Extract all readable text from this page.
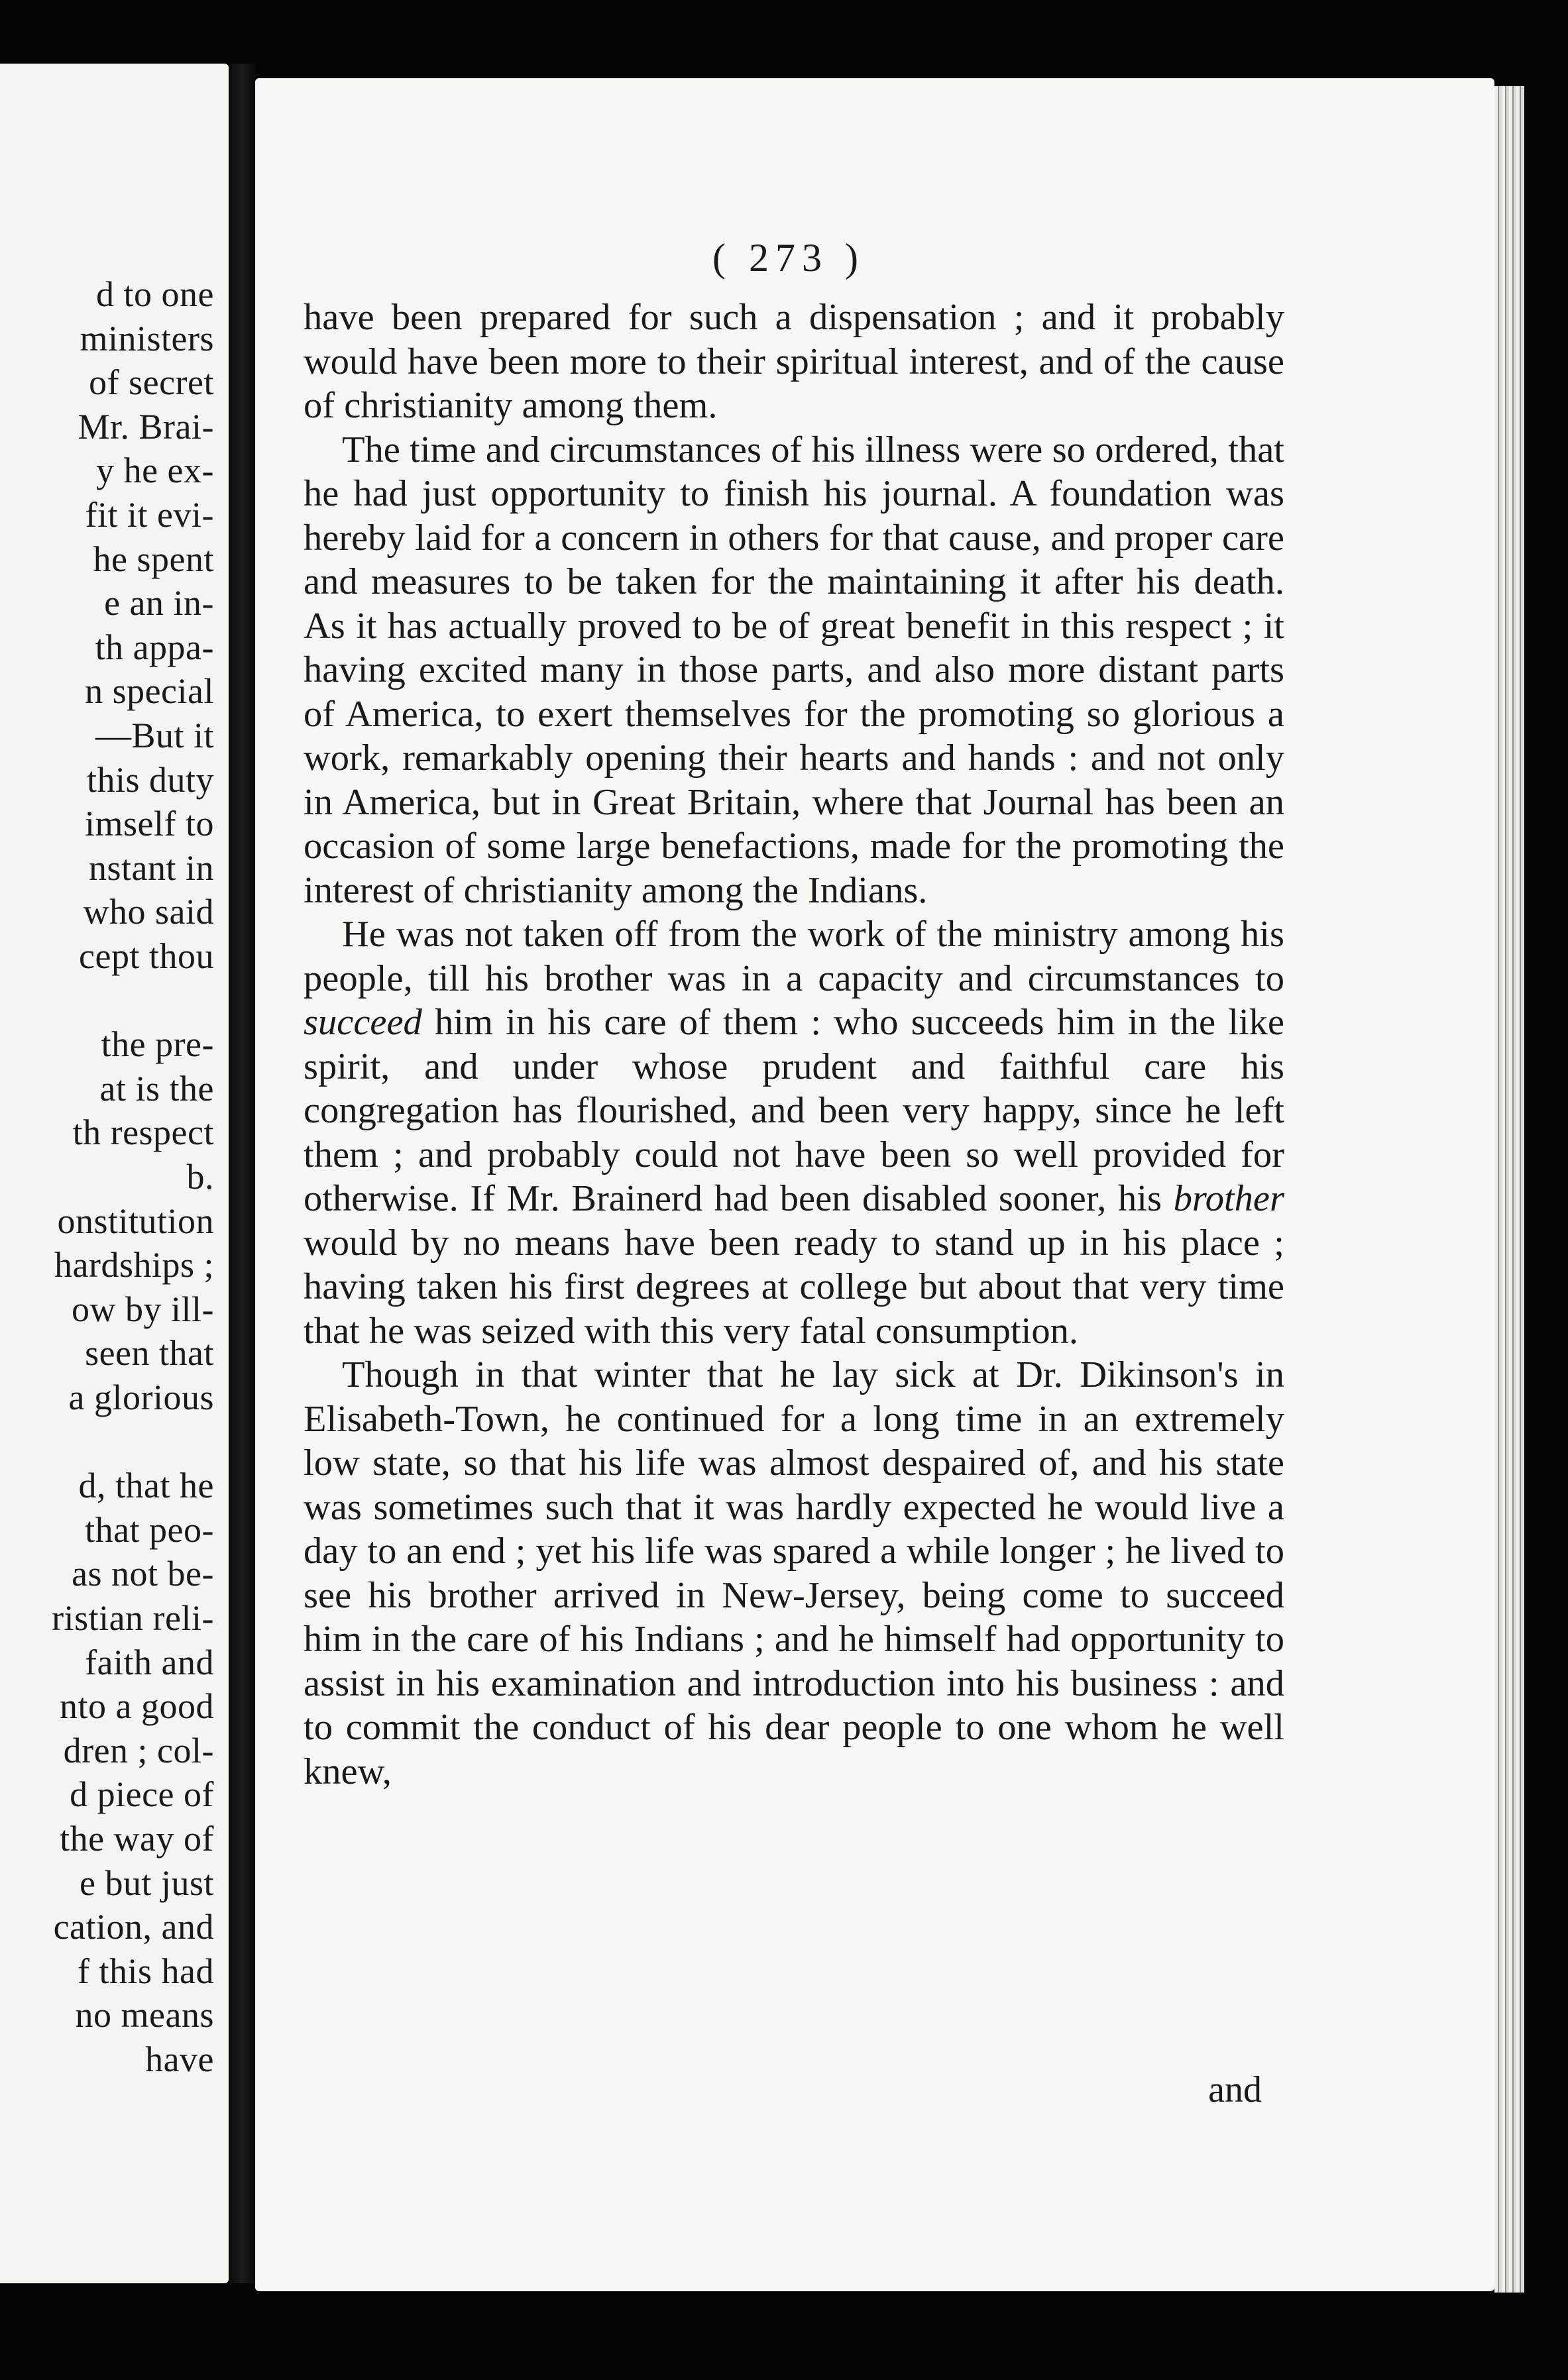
d to one
ministers
of secret
Mr. Brai-
y he ex-
fit it evi-
he spent
e an in-
th appa-
n special
—But it
this duty
imself to
nstant in
who said
cept thou
the pre-
at is the
th respect
b.
onstitution
hardships ;
ow by ill-
seen that
a glorious
d, that he
that peo-
as not be-
ristian reli-
faith and
nto a good
dren ; col-
d piece of
the way of
e but just
cation, and
f this had
no means
have
( 273 )

have been prepared for such a dispensation ; and it probably would have been more to their spiritual interest, and of the cause of christianity among them.

The time and circumstances of his illness were so ordered, that he had just opportunity to finish his journal. A foundation was hereby laid for a concern in others for that cause, and proper care and measures to be taken for the maintaining it after his death. As it has actually proved to be of great benefit in this respect ; it having excited many in those parts, and also more distant parts of America, to exert themselves for the promoting so glorious a work, remarkably opening their hearts and hands : and not only in America, but in Great Britain, where that Journal has been an occasion of some large benefactions, made for the promoting the interest of christianity among the Indians.

He was not taken off from the work of the ministry among his people, till his brother was in a capacity and circumstances to succeed him in his care of them : who succeeds him in the like spirit, and under whose prudent and faithful care his congregation has flourished, and been very happy, since he left them ; and probably could not have been so well provided for otherwise. If Mr. Brainerd had been disabled sooner, his brother would by no means have been ready to stand up in his place ; having taken his first degrees at college but about that very time that he was seized with this very fatal consumption.

Though in that winter that he lay sick at Dr. Dikinson's in Elisabeth-Town, he continued for a long time in an extremely low state, so that his life was almost despaired of, and his state was sometimes such that it was hardly expected he would live a day to an end ; yet his life was spared a while longer ; he lived to see his brother arrived in New-Jersey, being come to succeed him in the care of his Indians ; and he himself had opportunity to assist in his examination and introduction into his business : and to commit the conduct of his dear people to one whom he well knew,

and
